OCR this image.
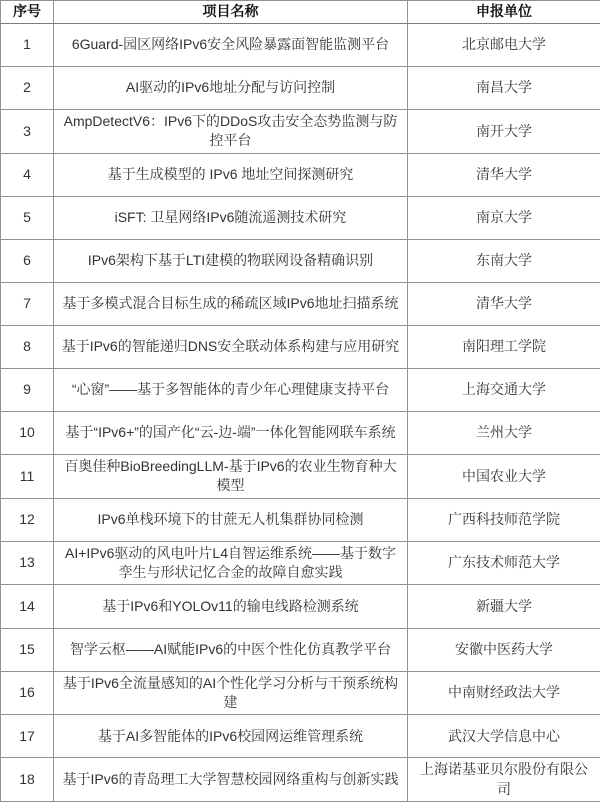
序号	项目名称	申报单位
1	6Guard-园区网络IPv6安全风险暴露面智能监测平台	北京邮电大学
2	AI驱动的IPv6地址分配与访问控制	南昌大学
3	AmpDetectV6：IPv6下的DDoS攻击安全态势监测与防控平台	南开大学
4	基于生成模型的 IPv6 地址空间探测研究	清华大学
5	iSFT: 卫星网络IPv6随流遥测技术研究	南京大学
6	IPv6架构下基于LTI建模的物联网设备精确识别	东南大学
7	基于多模式混合目标生成的稀疏区域IPv6地址扫描系统	清华大学
8	基于IPv6的智能递归DNS安全联动体系构建与应用研究	南阳理工学院
9	“心窗”——基于多智能体的青少年心理健康支持平台	上海交通大学
10	基于“IPv6+”的国产化“云-边-端”一体化智能网联车系统	兰州大学
11	百奥佳种BioBreedingLLM-基于IPv6的农业生物育种大模型	中国农业大学
12	IPv6单栈环境下的甘蔗无人机集群协同检测	广西科技师范学院
13	AI+IPv6驱动的风电叶片L4自智运维系统——基于数字孪生与形状记忆合金的故障自愈实践	广东技术师范大学
14	基于IPv6和YOLOv11的输电线路检测系统	新疆大学
15	智学云枢——AI赋能IPv6的中医个性化仿真教学平台	安徽中医药大学
16	基于IPv6全流量感知的AI个性化学习分析与干预系统构建	中南财经政法大学
17	基于AI多智能体的IPv6校园网运维管理系统	武汉大学信息中心
18	基于IPv6的青岛理工大学智慧校园网络重构与创新实践	上海诺基亚贝尔股份有限公司
